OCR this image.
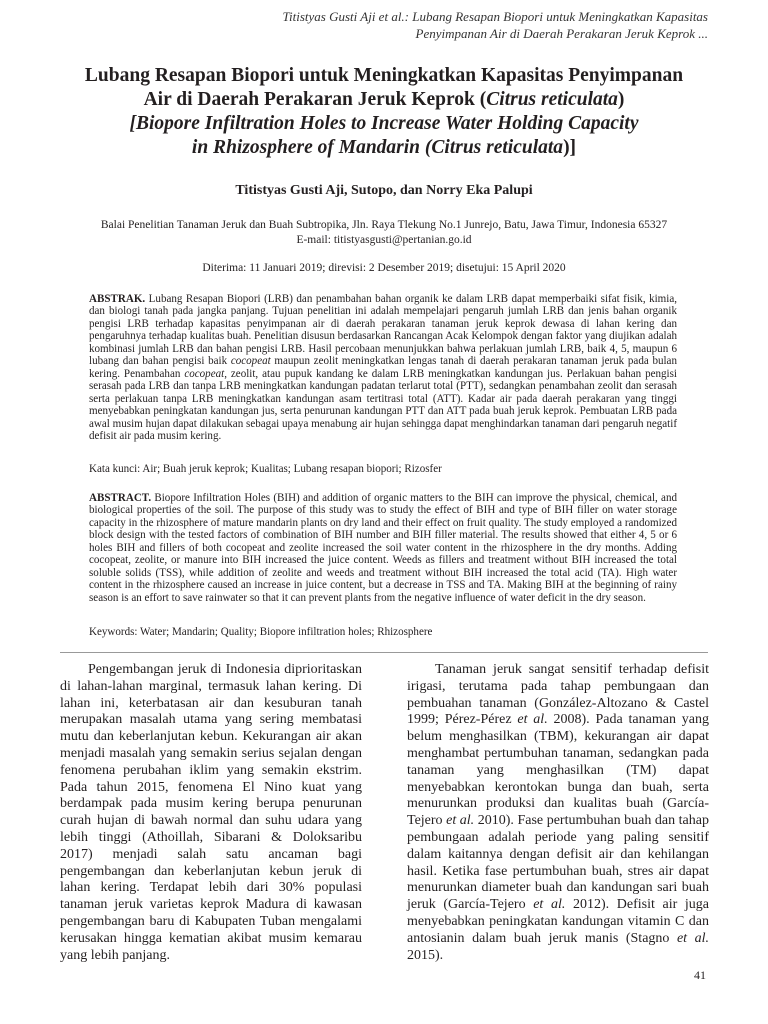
Titistyas Gusti Aji et al.: Lubang Resapan Biopori untuk Meningkatkan Kapasitas
Penyimpanan Air di Daerah Perakaran Jeruk Keprok ...
Lubang Resapan Biopori untuk Meningkatkan Kapasitas Penyimpanan
Air di Daerah Perakaran Jeruk Keprok (Citrus reticulata)
[Biopore Infiltration Holes to Increase Water Holding Capacity
in Rhizosphere of Mandarin (Citrus reticulata)]
Titistyas Gusti Aji, Sutopo, dan Norry Eka Palupi
Balai Penelitian Tanaman Jeruk dan Buah Subtropika, Jln. Raya Tlekung No.1 Junrejo, Batu, Jawa Timur, Indonesia 65327
E-mail: titistyasgusti@pertanian.go.id
Diterima: 11 Januari 2019; direvisi: 2 Desember 2019; disetujui: 15 April 2020
ABSTRAK. Lubang Resapan Biopori (LRB) dan penambahan bahan organik ke dalam LRB dapat memperbaiki sifat fisik, kimia, dan biologi tanah pada jangka panjang. Tujuan penelitian ini adalah mempelajari pengaruh jumlah LRB dan jenis bahan organik pengisi LRB terhadap kapasitas penyimpanan air di daerah perakaran tanaman jeruk keprok dewasa di lahan kering dan pengaruhnya terhadap kualitas buah. Penelitian disusun berdasarkan Rancangan Acak Kelompok dengan faktor yang diujikan adalah kombinasi jumlah LRB dan bahan pengisi LRB. Hasil percobaan menunjukkan bahwa perlakuan jumlah LRB, baik 4, 5, maupun 6 lubang dan bahan pengisi baik cocopeat maupun zeolit meningkatkan lengas tanah di daerah perakaran tanaman jeruk pada bulan kering. Penambahan cocopeat, zeolit, atau pupuk kandang ke dalam LRB meningkatkan kandungan jus. Perlakuan bahan pengisi serasah pada LRB dan tanpa LRB meningkatkan kandungan padatan terlarut total (PTT), sedangkan penambahan zeolit dan serasah serta perlakuan tanpa LRB meningkatkan kandungan asam tertitrasi total (ATT). Kadar air pada daerah perakaran yang tinggi menyebabkan peningkatan kandungan jus, serta penurunan kandungan PTT dan ATT pada buah jeruk keprok. Pembuatan LRB pada awal musim hujan dapat dilakukan sebagai upaya menabung air hujan sehingga dapat menghindarkan tanaman dari pengaruh negatif defisit air pada musim kering.
Kata kunci: Air; Buah jeruk keprok; Kualitas; Lubang resapan biopori; Rizosfer
ABSTRACT. Biopore Infiltration Holes (BIH) and addition of organic matters to the BIH can improve the physical, chemical, and biological properties of the soil. The purpose of this study was to study the effect of BIH and type of BIH filler on water storage capacity in the rhizosphere of mature mandarin plants on dry land and their effect on fruit quality. The study employed a randomized block design with the tested factors of combination of BIH number and BIH filler material. The results showed that either 4, 5 or 6 holes BIH and fillers of both cocopeat and zeolite increased the soil water content in the rhizosphere in the dry months. Adding cocopeat, zeolite, or manure into BIH increased the juice content. Weeds as fillers and treatment without BIH increased the total soluble solids (TSS), while addition of zeolite and weeds and treatment without BIH increased the total acid (TA). High water content in the rhizosphere caused an increase in juice content, but a decrease in TSS and TA. Making BIH at the beginning of rainy season is an effort to save rainwater so that it can prevent plants from the negative influence of water deficit in the dry season.
Keywords: Water; Mandarin; Quality; Biopore infiltration holes; Rhizosphere

Pengembangan jeruk di Indonesia diprioritaskan di lahan-lahan marginal, termasuk lahan kering. Di lahan ini, keterbatasan air dan kesuburan tanah merupakan masalah utama yang sering membatasi mutu dan keberlanjutan kebun. Kekurangan air akan menjadi masalah yang semakin serius sejalan dengan fenomena perubahan iklim yang semakin ekstrim. Pada tahun 2015, fenomena El Nino kuat yang berdampak pada musim kering berupa penurunan curah hujan di bawah normal dan suhu udara yang lebih tinggi (Athoillah, Sibarani & Doloksaribu 2017) menjadi salah satu ancaman bagi pengembangan dan keberlanjutan kebun jeruk di lahan kering. Terdapat lebih dari 30% populasi tanaman jeruk varietas keprok Madura di kawasan pengembangan baru di Kabupaten Tuban mengalami kerusakan hingga kematian akibat musim kemarau yang lebih panjang.

Tanaman jeruk sangat sensitif terhadap defisit irigasi, terutama pada tahap pembungaan dan pembuahan tanaman (González-Altozano & Castel 1999; Pérez-Pérez et al. 2008). Pada tanaman yang belum menghasilkan (TBM), kekurangan air dapat menghambat pertumbuhan tanaman, sedangkan pada tanaman yang menghasilkan (TM) dapat menyebabkan kerontokan bunga dan buah, serta menurunkan produksi dan kualitas buah (García-Tejero et al. 2010). Fase pertumbuhan buah dan tahap pembungaan adalah periode yang paling sensitif dalam kaitannya dengan defisit air dan kehilangan hasil. Ketika fase pertumbuhan buah, stres air dapat menurunkan diameter buah dan kandungan sari buah jeruk (García-Tejero et al. 2012). Defisit air juga menyebabkan peningkatan kandungan vitamin C dan antosianin dalam buah jeruk manis (Stagno et al. 2015).

41
